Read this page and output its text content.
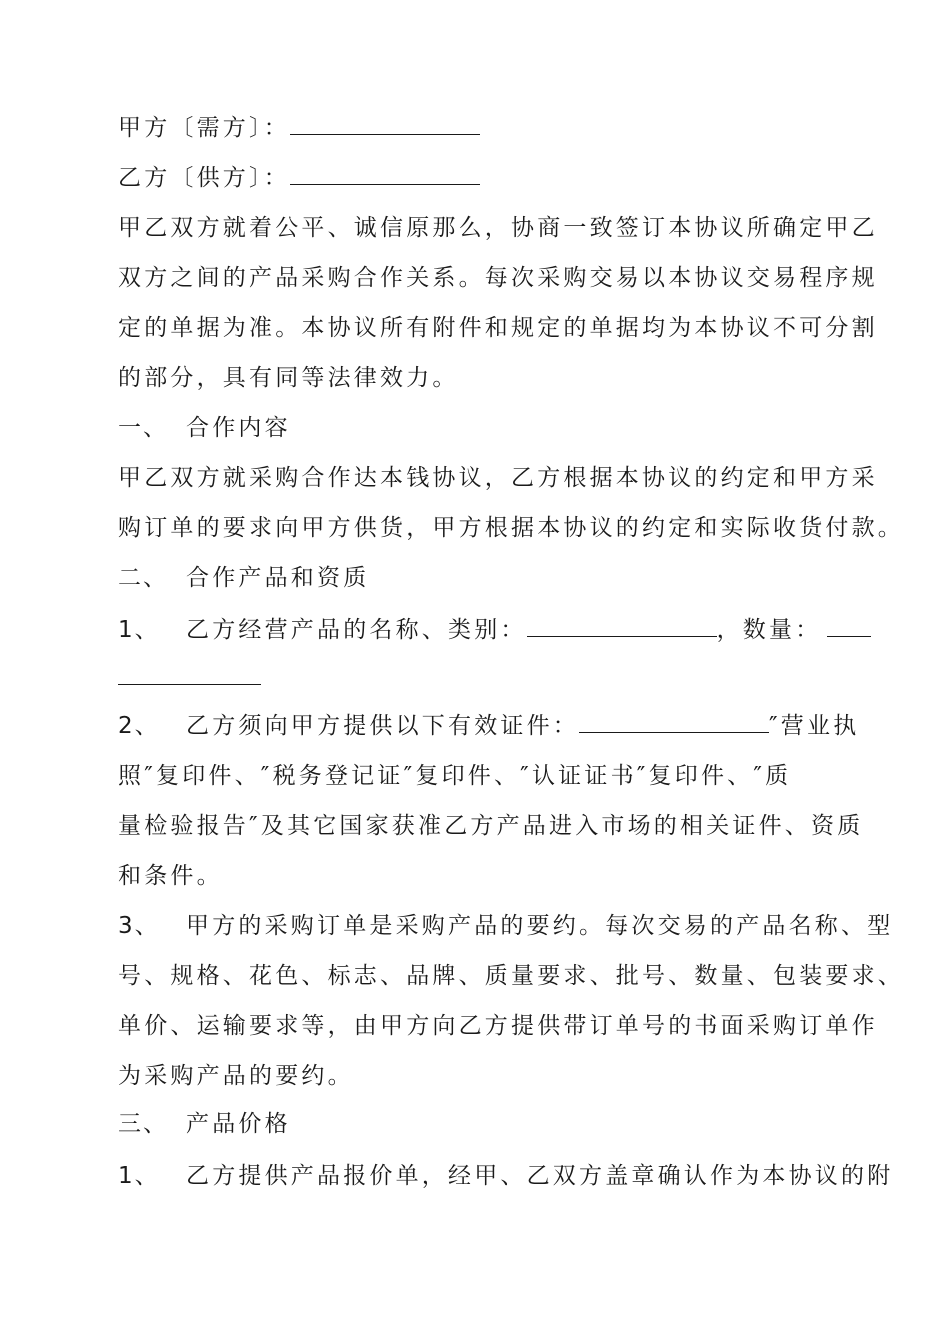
甲方〔需方〕：
乙方〔供方〕：
甲乙双方就着公平、诚信原那么，协商一致签订本协议所确定甲乙
双方之间的产品采购合作关系。每次采购交易以本协议交易程序规
定的单据为准。本协议所有附件和规定的单据均为本协议不可分割
的部分，具有同等法律效力。
一、 合作内容
甲乙双方就采购合作达本钱协议，乙方根据本协议的约定和甲方采
购订单的要求向甲方供货，甲方根据本协议的约定和实际收货付款。
二、 合作产品和资质
1、 乙方经营产品的名称、类别：	，数量：
2、 乙方须向甲方提供以下有效证件：	″营业执
照″复印件、″税务登记证″复印件、″认证证书″复印件、″质
量检验报告″及其它国家获准乙方产品进入市场的相关证件、资质
和条件。
3、 甲方的采购订单是采购产品的要约。每次交易的产品名称、型
号、规格、花色、标志、品牌、质量要求、批号、数量、包装要求、
单价、运输要求等，由甲方向乙方提供带订单号的书面采购订单作
为采购产品的要约。
三、 产品价格
1、 乙方提供产品报价单，经甲、乙双方盖章确认作为本协议的附
